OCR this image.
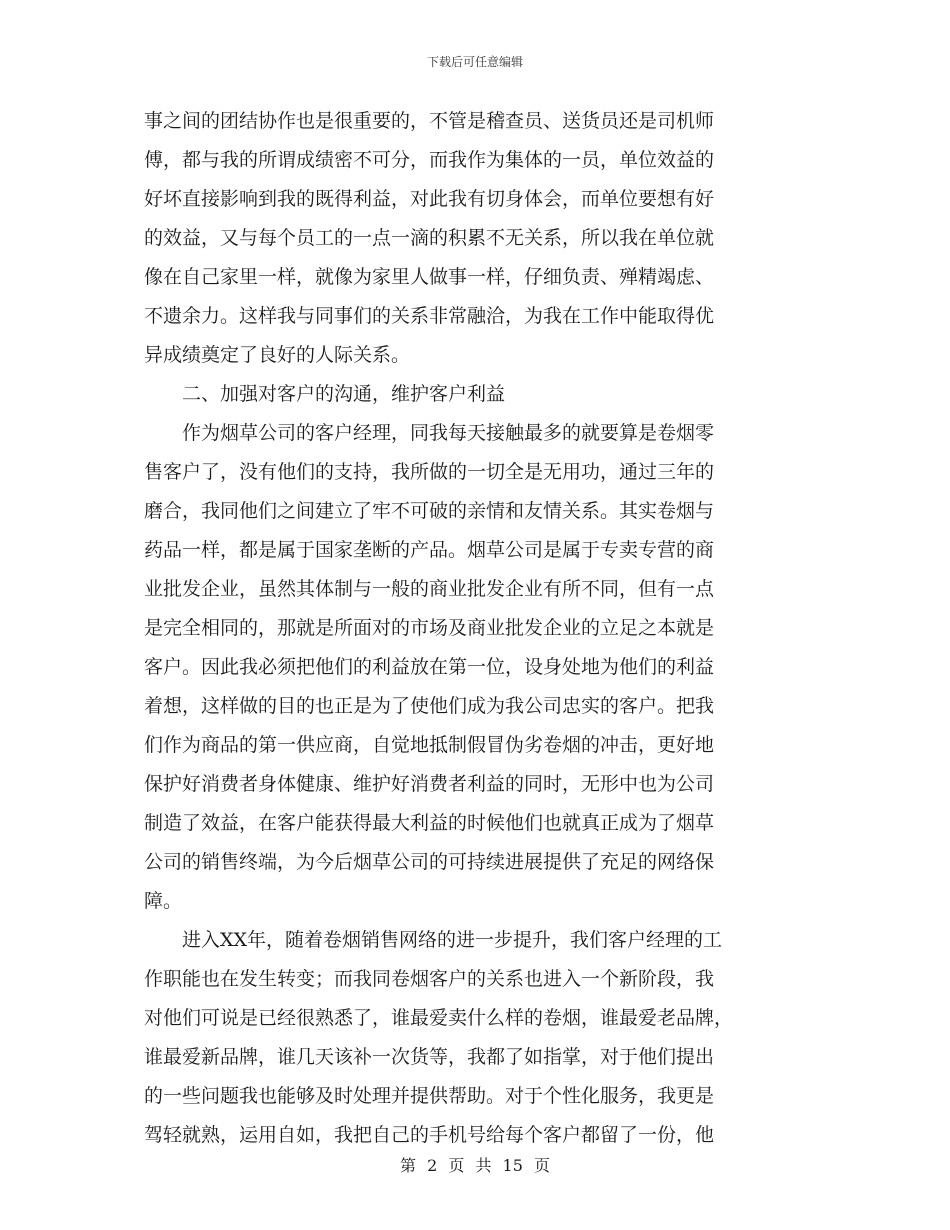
下载后可任意编辑
事之间的团结协作也是很重要的，不管是稽查员、送货员还是司机师
傅，都与我的所谓成绩密不可分，而我作为集体的一员，单位效益的
好坏直接影响到我的既得利益，对此我有切身体会，而单位要想有好
的效益，又与每个员工的一点一滴的积累不无关系，所以我在单位就
像在自己家里一样，就像为家里人做事一样，仔细负责、殚精竭虑、
不遗余力。这样我与同事们的关系非常融洽，为我在工作中能取得优
异成绩奠定了良好的人际关系。
　　二、加强对客户的沟通，维护客户利益
　　作为烟草公司的客户经理，同我每天接触最多的就要算是卷烟零
售客户了，没有他们的支持，我所做的一切全是无用功，通过三年的
磨合，我同他们之间建立了牢不可破的亲情和友情关系。其实卷烟与
药品一样，都是属于国家垄断的产品。烟草公司是属于专卖专营的商
业批发企业，虽然其体制与一般的商业批发企业有所不同，但有一点
是完全相同的，那就是所面对的市场及商业批发企业的立足之本就是
客户。因此我必须把他们的利益放在第一位，设身处地为他们的利益
着想，这样做的目的也正是为了使他们成为我公司忠实的客户。把我
们作为商品的第一供应商，自觉地抵制假冒伪劣卷烟的冲击，更好地
保护好消费者身体健康、维护好消费者利益的同时，无形中也为公司
制造了效益，在客户能获得最大利益的时候他们也就真正成为了烟草
公司的销售终端，为今后烟草公司的可持续进展提供了充足的网络保
障。
　　进入XX年，随着卷烟销售网络的进一步提升，我们客户经理的工
作职能也在发生转变；而我同卷烟客户的关系也进入一个新阶段，我
对他们可说是已经很熟悉了，谁最爱卖什么样的卷烟，谁最爱老品牌，
谁最爱新品牌，谁几天该补一次货等，我都了如指掌，对于他们提出
的一些问题我也能够及时处理并提供帮助。对于个性化服务，我更是
驾轻就熟，运用自如，我把自己的手机号给每个客户都留了一份，他
第 2 页 共 15 页
